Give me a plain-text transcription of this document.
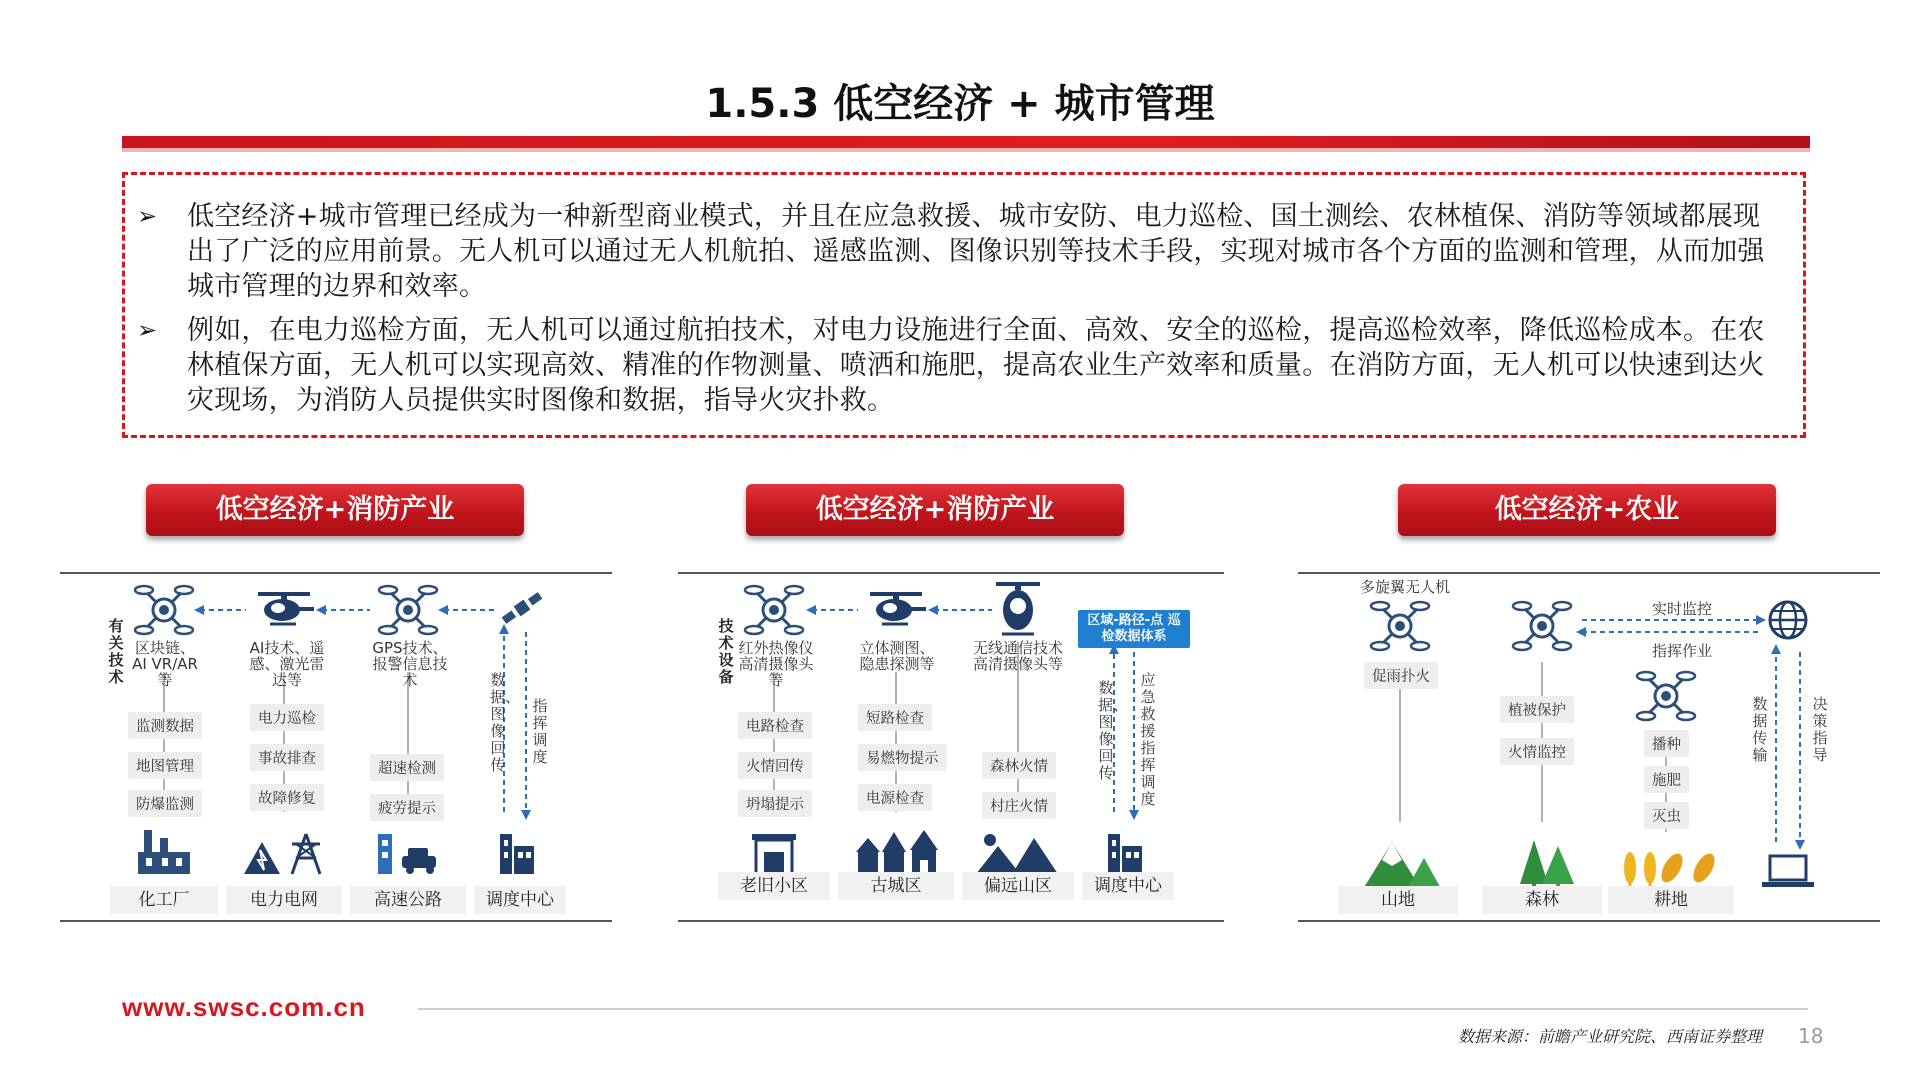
1.5.3 低空经济 + 城市管理
➢ 低空经济+城市管理已经成为一种新型商业模式，并且在应急救援、城市安防、电力巡检、国土测绘、农林植保、消防等领域都展现出了广泛的应用前景。无人机可以通过无人机航拍、遥感监测、图像识别等技术手段，实现对城市各个方面的监测和管理，从而加强城市管理的边界和效率。
➢ 例如，在电力巡检方面，无人机可以通过航拍技术，对电力设施进行全面、高效、安全的巡检，提高巡检效率，降低巡检成本。在农林植保方面，无人机可以实现高效、精准的作物测量、喷洒和施肥，提高农业生产效率和质量。在消防方面，无人机可以快速到达火灾现场，为消防人员提供实时图像和数据，指导火灾扑救。
低空经济+消防产业	低空经济+消防产业	低空经济+农业
有关技术
区块链、AI VR/AR等
AI技术、遥感、激光雷达等
GPS技术、报警信息技术
监测数据
地图管理
防爆监测
电力巡检
事故排查
故障修复
超速检测
疲劳提示
数据、图像回传
指挥调度
化工厂	电力电网	高速公路	调度中心
技术设备
红外热像仪 高清摄像头等
立体测图、隐患探测等
无线通信技术 高清摄像头等
区域-路径-点 巡检数据体系
电路检查
火情回传
坍塌提示
短路检查
易燃物提示
电源检查
森林火情
村庄火情
数据、图像回传
应急救援指挥调度
老旧小区	古城区	偏远山区	调度中心
多旋翼无人机
实时监控
指挥作业
促雨扑火
植被保护
火情监控	播种
施肥
灭虫
数据传输
决策指导
山地	森林	耕地
www.swsc.com.cn
数据来源：前瞻产业研究院、西南证券整理 18
